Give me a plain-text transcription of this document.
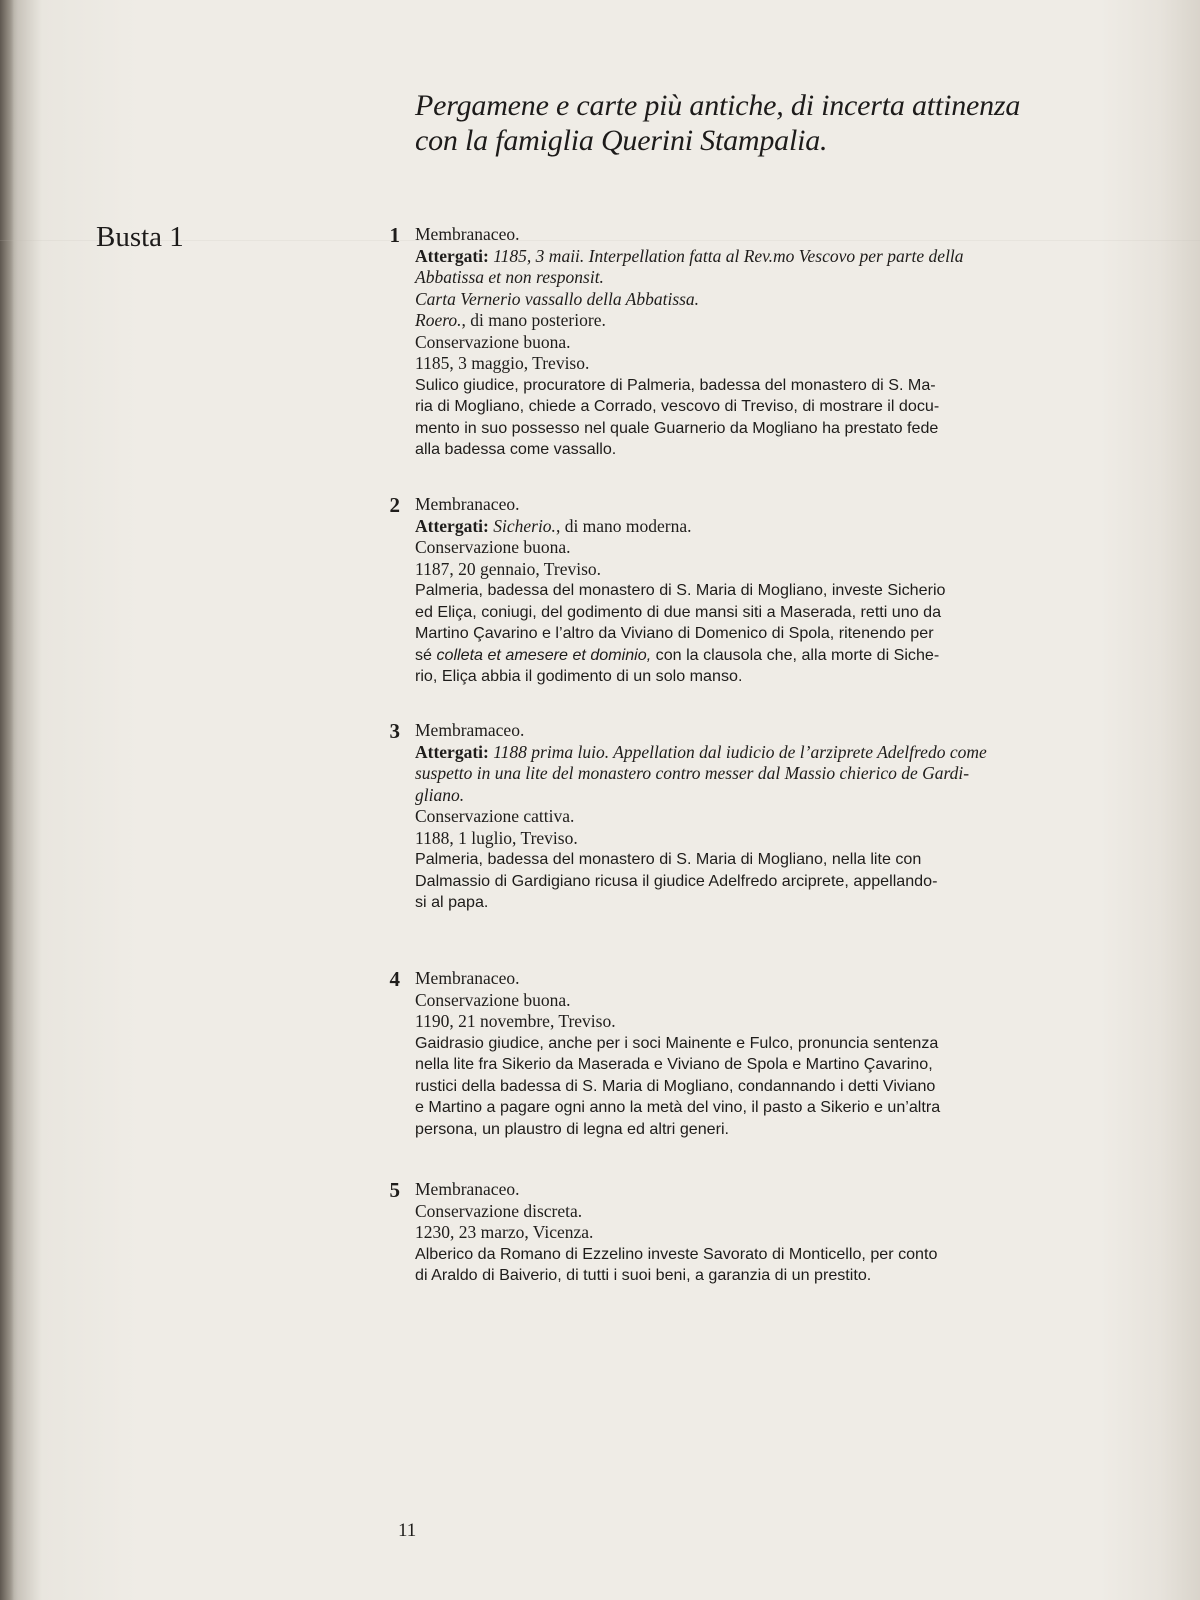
Pergamene e carte più antiche, di incerta attinenza
con la famiglia Querini Stampalia.
Busta 1	1 Membranaceo.
Attergati: 1185, 3 maii. Interpellation fatta al Rev.mo Vescovo per parte della
Abbatissa et non responsit.
Carta Vernerio vassallo della Abbatissa.
Roero., di mano posteriore.
Conservazione buona.
1185, 3 maggio, Treviso.
Sulico giudice, procuratore di Palmeria, badessa del monastero di S. Ma-
ria di Mogliano, chiede a Corrado, vescovo di Treviso, di mostrare il docu-
mento in suo possesso nel quale Guarnerio da Mogliano ha prestato fede
alla badessa come vassallo.
2 Membranaceo.
Attergati: Sicherio., di mano moderna.
Conservazione buona.
1187, 20 gennaio, Treviso.
Palmeria, badessa del monastero di S. Maria di Mogliano, investe Sicherio
ed Eliça, coniugi, del godimento di due mansi siti a Maserada, retti uno da
Martino Çavarino e l’altro da Viviano di Domenico di Spola, ritenendo per
sé colleta et amesere et dominio, con la clausola che, alla morte di Siche-
rio, Eliça abbia il godimento di un solo manso.
3 Membramaceo.
Attergati: 1188 prima luio. Appellation dal iudicio de l’arziprete Adelfredo come
suspetto in una lite del monastero contro messer dal Massio chierico de Gardi-
gliano.
Conservazione cattiva.
1188, 1 luglio, Treviso.
Palmeria, badessa del monastero di S. Maria di Mogliano, nella lite con
Dalmassio di Gardigiano ricusa il giudice Adelfredo arciprete, appellando-
si al papa.
4 Membranaceo.
Conservazione buona.
1190, 21 novembre, Treviso.
Gaidrasio giudice, anche per i soci Mainente e Fulco, pronuncia sentenza
nella lite fra Sikerio da Maserada e Viviano de Spola e Martino Çavarino,
rustici della badessa di S. Maria di Mogliano, condannando i detti Viviano
e Martino a pagare ogni anno la metà del vino, il pasto a Sikerio e un’altra
persona, un plaustro di legna ed altri generi.
5 Membranaceo.
Conservazione discreta.
1230, 23 marzo, Vicenza.
Alberico da Romano di Ezzelino investe Savorato di Monticello, per conto
di Araldo di Baiverio, di tutti i suoi beni, a garanzia di un prestito.
11
